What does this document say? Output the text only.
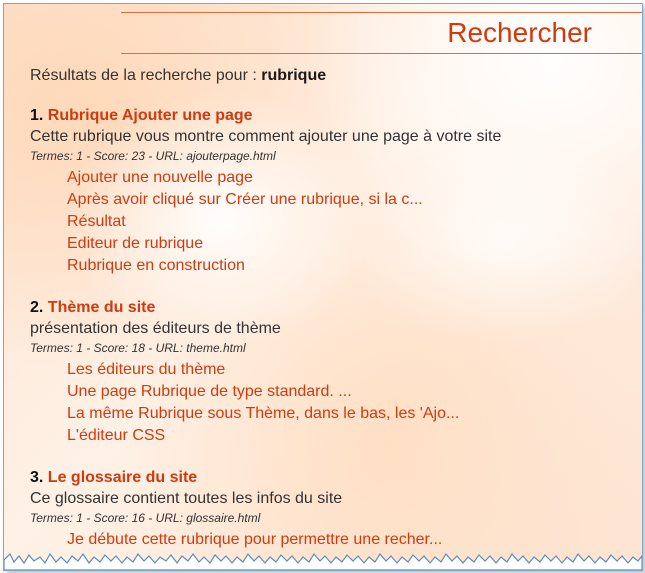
Rechercher
Résultats de la recherche pour : rubrique
1. Rubrique Ajouter une page
Cette rubrique vous montre comment ajouter une page à votre site
Termes: 1 - Score: 23 - URL: ajouterpage.html
Ajouter une nouvelle page
Après avoir cliqué sur Créer une rubrique, si la c...
Résultat
Editeur de rubrique
Rubrique en construction
2. Thème du site
présentation des éditeurs de thème
Termes: 1 - Score: 18 - URL: theme.html
Les éditeurs du thème
Une page Rubrique de type standard. ...
La même Rubrique sous Thème, dans le bas, les 'Ajo...
L'éditeur CSS
3. Le glossaire du site
Ce glossaire contient toutes les infos du site
Termes: 1 - Score: 16 - URL: glossaire.html
Je débute cette rubrique pour permettre une recher...
